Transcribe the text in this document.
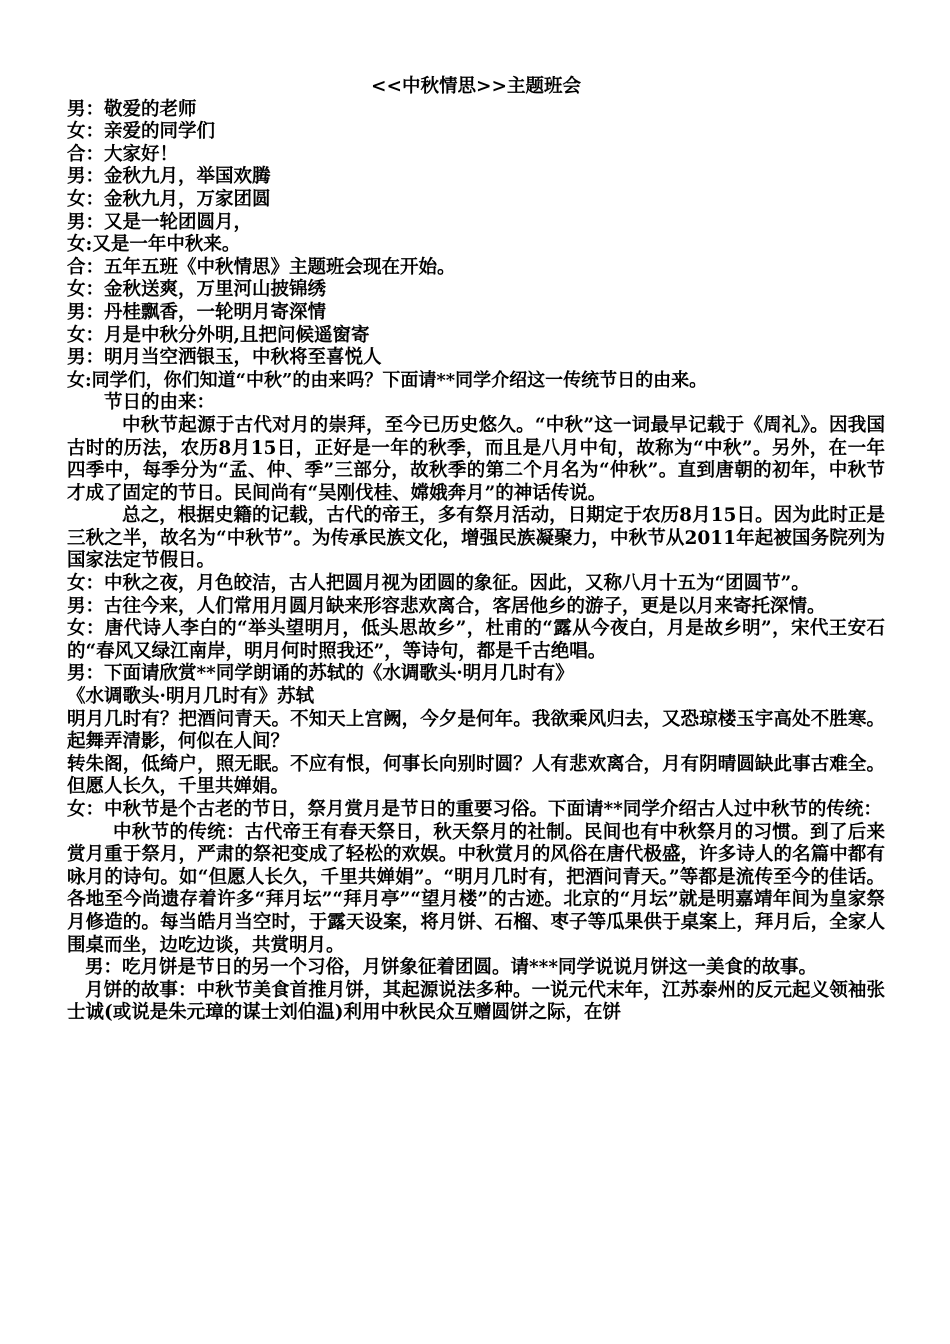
<<中秋情思>>主题班会

男：敬爱的老师

女：亲爱的同学们

合：大家好！

男：金秋九月，举国欢腾

女：金秋九月，万家团圆

男：又是一轮团圆月，

女:又是一年中秋来。

合：五年五班《中秋情思》主题班会现在开始。

女：金秋送爽，万里河山披锦绣

男：丹桂飘香，一轮明月寄深情

女：月是中秋分外明,且把问候遥窗寄

男：明月当空洒银玉，中秋将至喜悦人

女:同学们，你们知道“中秋”的由来吗？下面请**同学介绍这一传统节日的由来。

节日的由来：

中秋节起源于古代对月的崇拜，至今已历史悠久。“中秋”这一词最早记载于《周礼》。因我国古时的历法，农历8月15日，正好是一年的秋季，而且是八月中旬，故称为“中秋”。另外，在一年四季中，每季分为“孟、仲、季”三部分，故秋季的第二个月名为“仲秋”。直到唐朝的初年，中秋节才成了固定的节日。民间尚有“吴刚伐桂、嫦娥奔月”的神话传说。

总之，根据史籍的记载，古代的帝王，多有祭月活动，日期定于农历8月15日。因为此时正是三秋之半，故名为“中秋节”。为传承民族文化，增强民族凝聚力，中秋节从2011年起被国务院列为国家法定节假日。

女：中秋之夜，月色皎洁，古人把圆月视为团圆的象征。因此，又称八月十五为“团圆节”。

男：古往今来，人们常用月圆月缺来形容悲欢离合，客居他乡的游子，更是以月来寄托深情。

女：唐代诗人李白的“举头望明月，低头思故乡”，杜甫的“露从今夜白，月是故乡明”，宋代王安石的“春风又绿江南岸，明月何时照我还”，等诗句，都是千古绝唱。

男：下面请欣赏**同学朗诵的苏轼的《水调歌头·明月几时有》

《水调歌头·明月几时有》苏轼

明月几时有？把酒问青天。不知天上宫阙，今夕是何年。我欲乘风归去，又恐琼楼玉宇高处不胜寒。起舞弄清影，何似在人间？

转朱阁，低绮户，照无眠。不应有恨，何事长向别时圆？人有悲欢离合，月有阴晴圆缺此事古难全。但愿人长久，千里共婵娟。

女：中秋节是个古老的节日，祭月赏月是节日的重要习俗。下面请**同学介绍古人过中秋节的传统：

中秋节的传统：古代帝王有春天祭日，秋天祭月的社制。民间也有中秋祭月的习惯。到了后来赏月重于祭月，严肃的祭祀变成了轻松的欢娱。中秋赏月的风俗在唐代极盛，许多诗人的名篇中都有咏月的诗句。如“但愿人长久，千里共婵娟”。“明月几时有，把酒问青天。”等都是流传至今的佳话。各地至今尚遗存着许多“拜月坛”“拜月亭”“望月楼”的古迹。北京的“月坛”就是明嘉靖年间为皇家祭月修造的。每当皓月当空时，于露天设案，将月饼、石榴、枣子等瓜果供于桌案上，拜月后，全家人围桌而坐，边吃边谈，共赏明月。

男：吃月饼是节日的另一个习俗，月饼象征着团圆。请***同学说说月饼这一美食的故事。

月饼的故事：中秋节美食首推月饼，其起源说法多种。一说元代末年，江苏泰州的反元起义领袖张士诚(或说是朱元璋的谋士刘伯温)利用中秋民众互赠圆饼之际，在饼
